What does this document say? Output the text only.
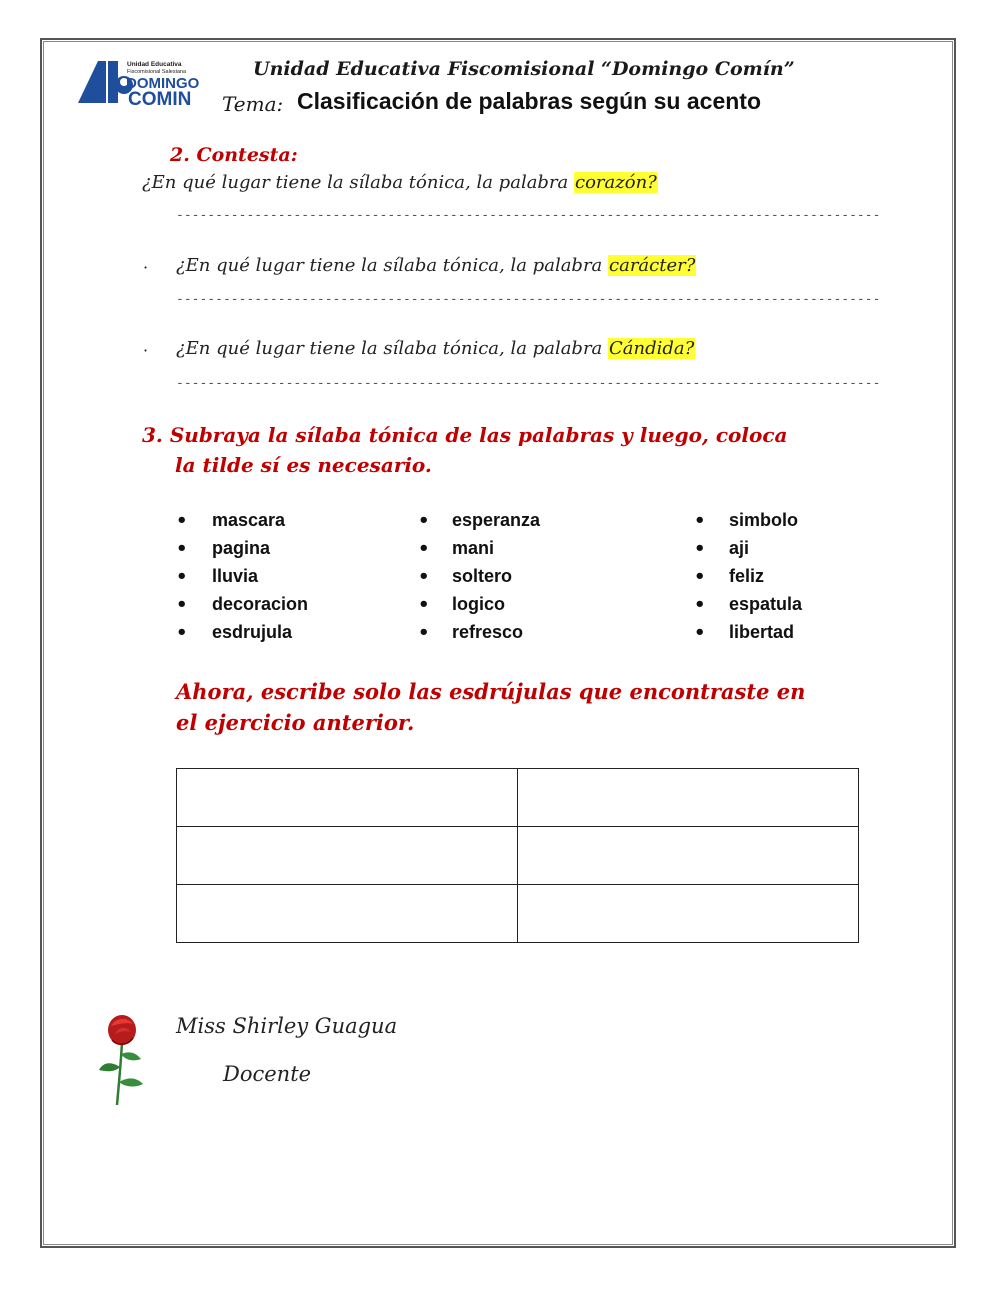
Unidad Educativa
Fiscomisional Salesiana
DOMINGO
COMIN
Unidad Educativa Fiscomisional “Domingo Comín”
Tema: Clasificación de palabras según su acento
2. Contesta:
¿En qué lugar tiene la sílaba tónica, la palabra corazón?
------------------------------------------------------------------------------------------
· ¿En qué lugar tiene la sílaba tónica, la palabra carácter?
------------------------------------------------------------------------------------------
· ¿En qué lugar tiene la sílaba tónica, la palabra Cándida?
------------------------------------------------------------------------------------------
3. Subraya la sílaba tónica de las palabras y luego, coloca
la tilde sí es necesario.
• mascara
• pagina
• lluvia
• decoracion
• esdrujula
• esperanza
• mani
• soltero
• logico
• refresco
• simbolo
• aji
• feliz
• espatula
• libertad
Ahora, escribe solo las esdrújulas que encontraste en
el ejercicio anterior.

Miss Shirley Guagua
Docente
